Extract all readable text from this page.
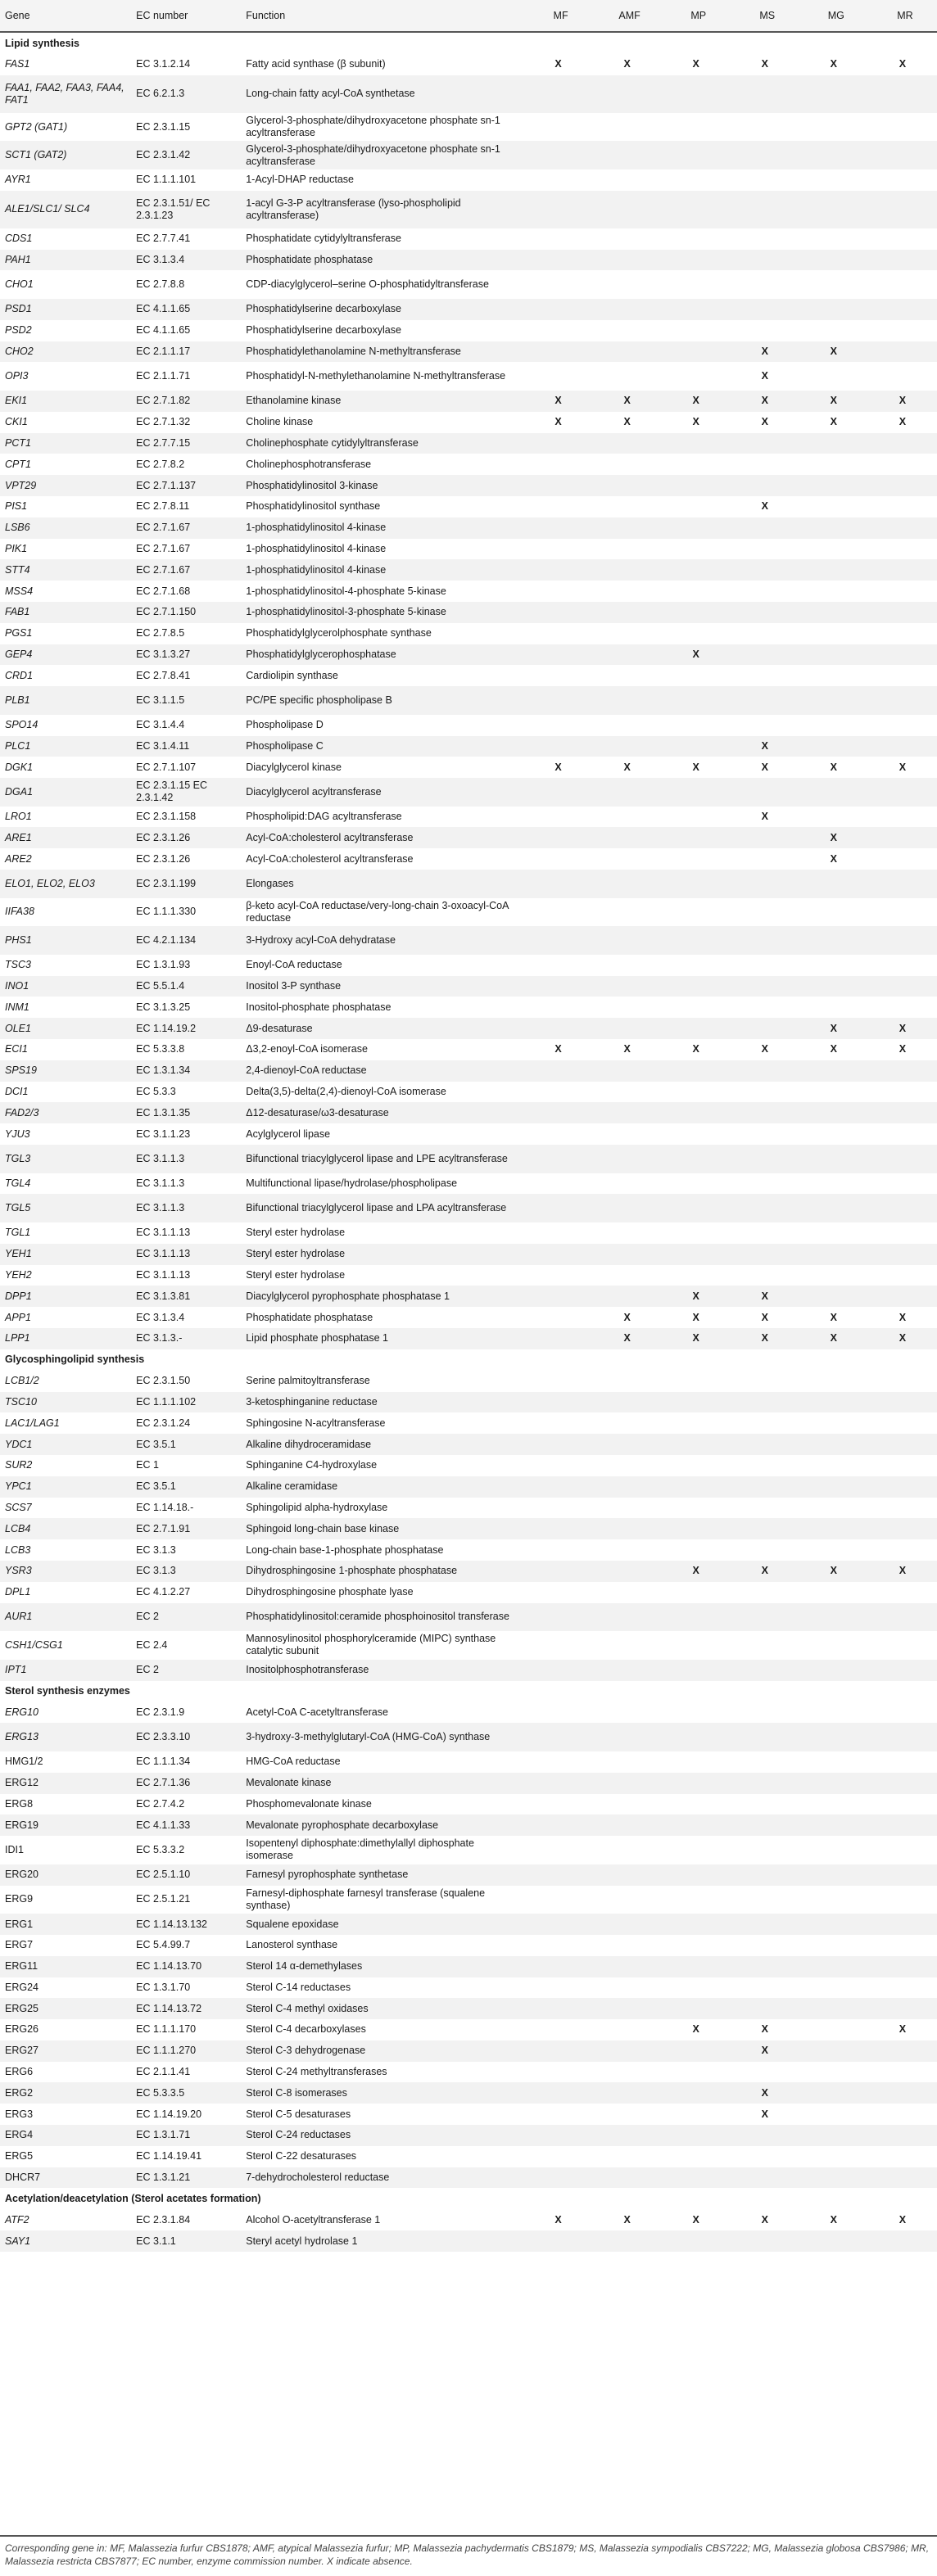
Gene	EC number	Function	MF	AMF	MP	MS	MG	MR
Lipid synthesis								
FAS1	EC 3.1.2.14	Fatty acid synthase (β subunit)	X	X	X	X	X	X
FAA1, FAA2, FAA3, FAA4, FAT1	EC 6.2.1.3	Long-chain fatty acyl-CoA synthetase						
GPT2 (GAT1)	EC 2.3.1.15	Glycerol-3-phosphate/dihydroxyacetone phosphate sn-1 acyltransferase						
SCT1 (GAT2)	EC 2.3.1.42	Glycerol-3-phosphate/dihydroxyacetone phosphate sn-1 acyltransferase						
AYR1	EC 1.1.1.101	1-Acyl-DHAP reductase						
ALE1/SLC1/ SLC4	EC 2.3.1.51/ EC 2.3.1.23	1-acyl G-3-P acyltransferase (lyso-phospholipid acyltransferase)						
CDS1	EC 2.7.7.41	Phosphatidate cytidylyltransferase						
PAH1	EC 3.1.3.4	Phosphatidate phosphatase						
CHO1	EC 2.7.8.8	CDP-diacylglycerol–serine O-phosphatidyltransferase						
PSD1	EC 4.1.1.65	Phosphatidylserine decarboxylase						
PSD2	EC 4.1.1.65	Phosphatidylserine decarboxylase						
CHO2	EC 2.1.1.17	Phosphatidylethanolamine N-methyltransferase				X	X	
OPI3	EC 2.1.1.71	Phosphatidyl-N-methylethanolamine N-methyltransferase				X		
EKI1	EC 2.7.1.82	Ethanolamine kinase	X	X	X	X	X	X
CKI1	EC 2.7.1.32	Choline kinase	X	X	X	X	X	X
PCT1	EC 2.7.7.15	Cholinephosphate cytidylyltransferase						
CPT1	EC 2.7.8.2	Cholinephosphotransferase						
VPT29	EC 2.7.1.137	Phosphatidylinositol 3-kinase						
PIS1	EC 2.7.8.11	Phosphatidylinositol synthase				X		
LSB6	EC 2.7.1.67	1-phosphatidylinositol 4-kinase						
PIK1	EC 2.7.1.67	1-phosphatidylinositol 4-kinase						
STT4	EC 2.7.1.67	1-phosphatidylinositol 4-kinase						
MSS4	EC 2.7.1.68	1-phosphatidylinositol-4-phosphate 5-kinase						
FAB1	EC 2.7.1.150	1-phosphatidylinositol-3-phosphate 5-kinase						
PGS1	EC 2.7.8.5	Phosphatidylglycerolphosphate synthase						
GEP4	EC 3.1.3.27	Phosphatidylglycerophosphatase			X			
CRD1	EC 2.7.8.41	Cardiolipin synthase						
PLB1	EC 3.1.1.5	PC/PE specific phospholipase B						
SPO14	EC 3.1.4.4	Phospholipase D						
PLC1	EC 3.1.4.11	Phospholipase C				X		
DGK1	EC 2.7.1.107	Diacylglycerol kinase	X	X	X	X	X	X
DGA1	EC 2.3.1.15 EC 2.3.1.42	Diacylglycerol acyltransferase						
LRO1	EC 2.3.1.158	Phospholipid:DAG acyltransferase				X		
ARE1	EC 2.3.1.26	Acyl-CoA:cholesterol acyltransferase					X	
ARE2	EC 2.3.1.26	Acyl-CoA:cholesterol acyltransferase					X	
ELO1, ELO2, ELO3	EC 2.3.1.199	Elongases						
IIFA38	EC 1.1.1.330	β-keto acyl-CoA reductase/very-long-chain 3-oxoacyl-CoA reductase						
PHS1	EC 4.2.1.134	3-Hydroxy acyl-CoA dehydratase						
TSC3	EC 1.3.1.93	Enoyl-CoA reductase						
INO1	EC 5.5.1.4	Inositol 3-P synthase						
INM1	EC 3.1.3.25	Inositol-phosphate phosphatase						
OLE1	EC 1.14.19.2	Δ9-desaturase					X	X
ECI1	EC 5.3.3.8	Δ3,2-enoyl-CoA isomerase	X	X	X	X	X	X
SPS19	EC 1.3.1.34	2,4-dienoyl-CoA reductase						
DCI1	EC 5.3.3	Delta(3,5)-delta(2,4)-dienoyl-CoA isomerase						
FAD2/3	EC 1.3.1.35	Δ12-desaturase/ω3-desaturase						
YJU3	EC 3.1.1.23	Acylglycerol lipase						
TGL3	EC 3.1.1.3	Bifunctional triacylglycerol lipase and LPE acyltransferase						
TGL4	EC 3.1.1.3	Multifunctional lipase/hydrolase/phospholipase						
TGL5	EC 3.1.1.3	Bifunctional triacylglycerol lipase and LPA acyltransferase						
TGL1	EC 3.1.1.13	Steryl ester hydrolase						
YEH1	EC 3.1.1.13	Steryl ester hydrolase						
YEH2	EC 3.1.1.13	Steryl ester hydrolase						
DPP1	EC 3.1.3.81	Diacylglycerol pyrophosphate phosphatase 1			X	X		
APP1	EC 3.1.3.4	Phosphatidate phosphatase		X	X	X	X	X
LPP1	EC 3.1.3.-	Lipid phosphate phosphatase 1		X	X	X	X	X
Glycosphingolipid synthesis								
LCB1/2	EC 2.3.1.50	Serine palmitoyltransferase						
TSC10	EC 1.1.1.102	3-ketosphinganine reductase						
LAC1/LAG1	EC 2.3.1.24	Sphingosine N-acyltransferase						
YDC1	EC 3.5.1	Alkaline dihydroceramidase						
SUR2	EC 1	Sphinganine C4-hydroxylase						
YPC1	EC 3.5.1	Alkaline ceramidase						
SCS7	EC 1.14.18.-	Sphingolipid alpha-hydroxylase						
LCB4	EC 2.7.1.91	Sphingoid long-chain base kinase						
LCB3	EC 3.1.3	Long-chain base-1-phosphate phosphatase						
YSR3	EC 3.1.3	Dihydrosphingosine 1-phosphate phosphatase			X	X	X	X
DPL1	EC 4.1.2.27	Dihydrosphingosine phosphate lyase						
AUR1	EC 2	Phosphatidylinositol:ceramide phosphoinositol transferase						
CSH1/CSG1	EC 2.4	Mannosylinositol phosphorylceramide (MIPC) synthase catalytic subunit						
IPT1	EC 2	Inositolphosphotransferase						
Sterol synthesis enzymes								
ERG10	EC 2.3.1.9	Acetyl-CoA C-acetyltransferase						
ERG13	EC 2.3.3.10	3-hydroxy-3-methylglutaryl-CoA (HMG-CoA) synthase						
HMG1/2	EC 1.1.1.34	HMG-CoA reductase						
ERG12	EC 2.7.1.36	Mevalonate kinase						
ERG8	EC 2.7.4.2	Phosphomevalonate kinase						
ERG19	EC 4.1.1.33	Mevalonate pyrophosphate decarboxylase						
IDI1	EC 5.3.3.2	Isopentenyl diphosphate:dimethylallyl diphosphate isomerase						
ERG20	EC 2.5.1.10	Farnesyl pyrophosphate synthetase						
ERG9	EC 2.5.1.21	Farnesyl-diphosphate farnesyl transferase (squalene synthase)						
ERG1	EC 1.14.13.132	Squalene epoxidase						
ERG7	EC 5.4.99.7	Lanosterol synthase						
ERG11	EC 1.14.13.70	Sterol 14 α-demethylases						
ERG24	EC 1.3.1.70	Sterol C-14 reductases						
ERG25	EC 1.14.13.72	Sterol C-4 methyl oxidases						
ERG26	EC 1.1.1.170	Sterol C-4 decarboxylases			X	X		X
ERG27	EC 1.1.1.270	Sterol C-3 dehydrogenase				X		
ERG6	EC 2.1.1.41	Sterol C-24 methyltransferases						
ERG2	EC 5.3.3.5	Sterol C-8 isomerases				X		
ERG3	EC 1.14.19.20	Sterol C-5 desaturases				X		
ERG4	EC 1.3.1.71	Sterol C-24 reductases						
ERG5	EC 1.14.19.41	Sterol C-22 desaturases						
DHCR7	EC 1.3.1.21	7-dehydrocholesterol reductase						
Acetylation/deacetylation (Sterol acetates formation)								
ATF2	EC 2.3.1.84	Alcohol O-acetyltransferase 1	X	X	X	X	X	X
SAY1	EC 3.1.1	Steryl acetyl hydrolase 1						
Corresponding gene in: MF, Malassezia furfur CBS1878; AMF, atypical Malassezia furfur; MP, Malassezia pachydermatis CBS1879; MS, Malassezia sympodialis CBS7222; MG, Malassezia globosa CBS7986; MR, Malassezia restricta CBS7877; EC number, enzyme commission number. X indicate absence.
